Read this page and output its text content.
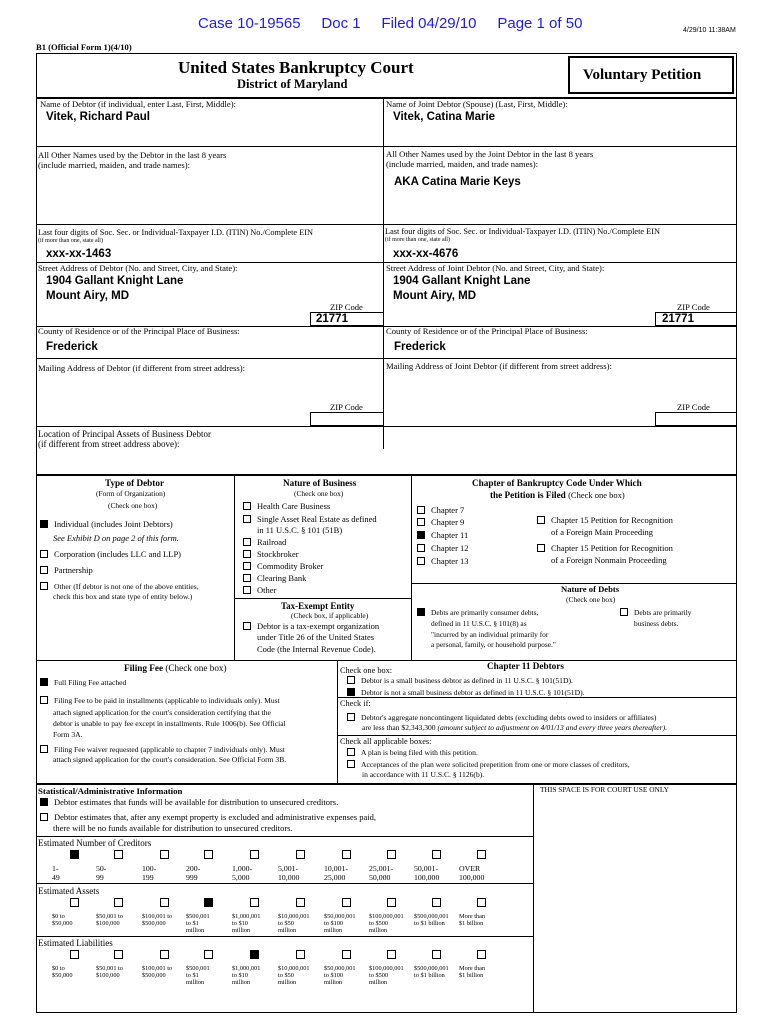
Case 10-19565     Doc 1     Filed 04/29/10     Page 1 of 50	4/29/10 11:38AM
B1 (Official Form 1)(4/10)
United States Bankruptcy Court
District of Maryland
Voluntary Petition
Name of Debtor (if individual, enter Last, First, Middle):
Vitek, Richard Paul
Name of Joint Debtor (Spouse) (Last, First, Middle):
Vitek, Catina Marie
All Other Names used by the Debtor in the last 8 years
(include married, maiden, and trade names):
All Other Names used by the Joint Debtor in the last 8 years
(include married, maiden, and trade names):
AKA Catina Marie Keys
Last four digits of Soc. Sec. or Individual-Taxpayer I.D. (ITIN) No./Complete EIN
(if more than one, state all)
xxx-xx-1463
Last four digits of Soc. Sec. or Individual-Taxpayer I.D. (ITIN) No./Complete EIN
(if more than one, state all)
xxx-xx-4676
Street Address of Debtor (No. and Street, City, and State):
1904 Gallant Knight Lane
Mount Airy, MD
Street Address of Joint Debtor (No. and Street, City, and State):
1904 Gallant Knight Lane
Mount Airy, MD
ZIP Code	ZIP Code
21771	21771
County of Residence or of the Principal Place of Business:
Frederick
County of Residence or of the Principal Place of Business:
Frederick
Mailing Address of Debtor (if different from street address):	Mailing Address of Joint Debtor (if different from street address):
ZIP Code	ZIP Code
Location of Principal Assets of Business Debtor
(if different from street address above):
Type of Debtor
(Form of Organization)
(Check one box)
Individual (includes Joint Debtors)
See Exhibit D on page 2 of this form.
Corporation (includes LLC and LLP)
Partnership
Other (If debtor is not one of the above entities,
check this box and state type of entity below.)
Nature of Business
(Check one box)
Health Care Business
Single Asset Real Estate as defined
in 11 U.S.C. § 101 (51B)
Railroad
Stockbroker
Commodity Broker
Clearing Bank
Other
Tax-Exempt Entity
(Check box, if applicable)
Debtor is a tax-exempt organization
under Title 26 of the United States
Code (the Internal Revenue Code).
Chapter of Bankruptcy Code Under Which
the Petition is Filed (Check one box)
Chapter 7
Chapter 9
Chapter 11
Chapter 12
Chapter 13
Chapter 15 Petition for Recognition
of a Foreign Main Proceeding
Chapter 15 Petition for Recognition
of a Foreign Nonmain Proceeding
Nature of Debts
(Check one box)
Debts are primarily consumer debts,
defined in 11 U.S.C. § 101(8) as
"incurred by an individual primarily for
a personal, family, or household purpose."
Debts are primarily
business debts.
Filing Fee (Check one box)
Full Filing Fee attached
Filing Fee to be paid in installments (applicable to individuals only). Must
attach signed application for the court's consideration certifying that the
debtor is unable to pay fee except in installments. Rule 1006(b). See Official
Form 3A.
Filing Fee waiver requested (applicable to chapter 7 individuals only). Must
attach signed application for the court's consideration. See Official Form 3B.
Check one box:	Chapter 11 Debtors
Debtor is a small business debtor as defined in 11 U.S.C. § 101(51D).
Debtor is not a small business debtor as defined in 11 U.S.C. § 101(51D).
Check if:
Debtor's aggregate noncontingent liquidated debts (excluding debts owed to insiders or affiliates)
are less than $2,343,300 (amount subject to adjustment on 4/01/13 and every three years thereafter).
Check all applicable boxes:
A plan is being filed with this petition.
Acceptances of the plan were solicited prepetition from one or more classes of creditors,
in accordance with 11 U.S.C. § 1126(b).
Statistical/Administrative Information	THIS SPACE IS FOR COURT USE ONLY
Debtor estimates that funds will be available for distribution to unsecured creditors.
Debtor estimates that, after any exempt property is excluded and administrative expenses paid,
there will be no funds available for distribution to unsecured creditors.
Estimated Number of Creditors

1-
49

50-
99

100-
199

200-
999

1,000-
5,000

5,001-
10,000

10,001-
25,000

25,001-
50,000

50,001-
100,000

OVER
100,000
Estimated Assets

$0 to
$50,000

$50,001 to
$100,000

$100,001 to
$500,000

$500,001
to $1
million

$1,000,001
to $10
million

$10,000,001
to $50
million

$50,000,001
to $100
million

$100,000,001
to $500
million

$500,000,001
to $1 billion

More than
$1 billion
Estimated Liabilities

$0 to
$50,000

$50,001 to
$100,000

$100,001 to
$500,000

$500,001
to $1
million

$1,000,001
to $10
million

$10,000,001
to $50
million

$50,000,001
to $100
million

$100,000,001
to $500
million

$500,000,001
to $1 billion

More than
$1 billion
